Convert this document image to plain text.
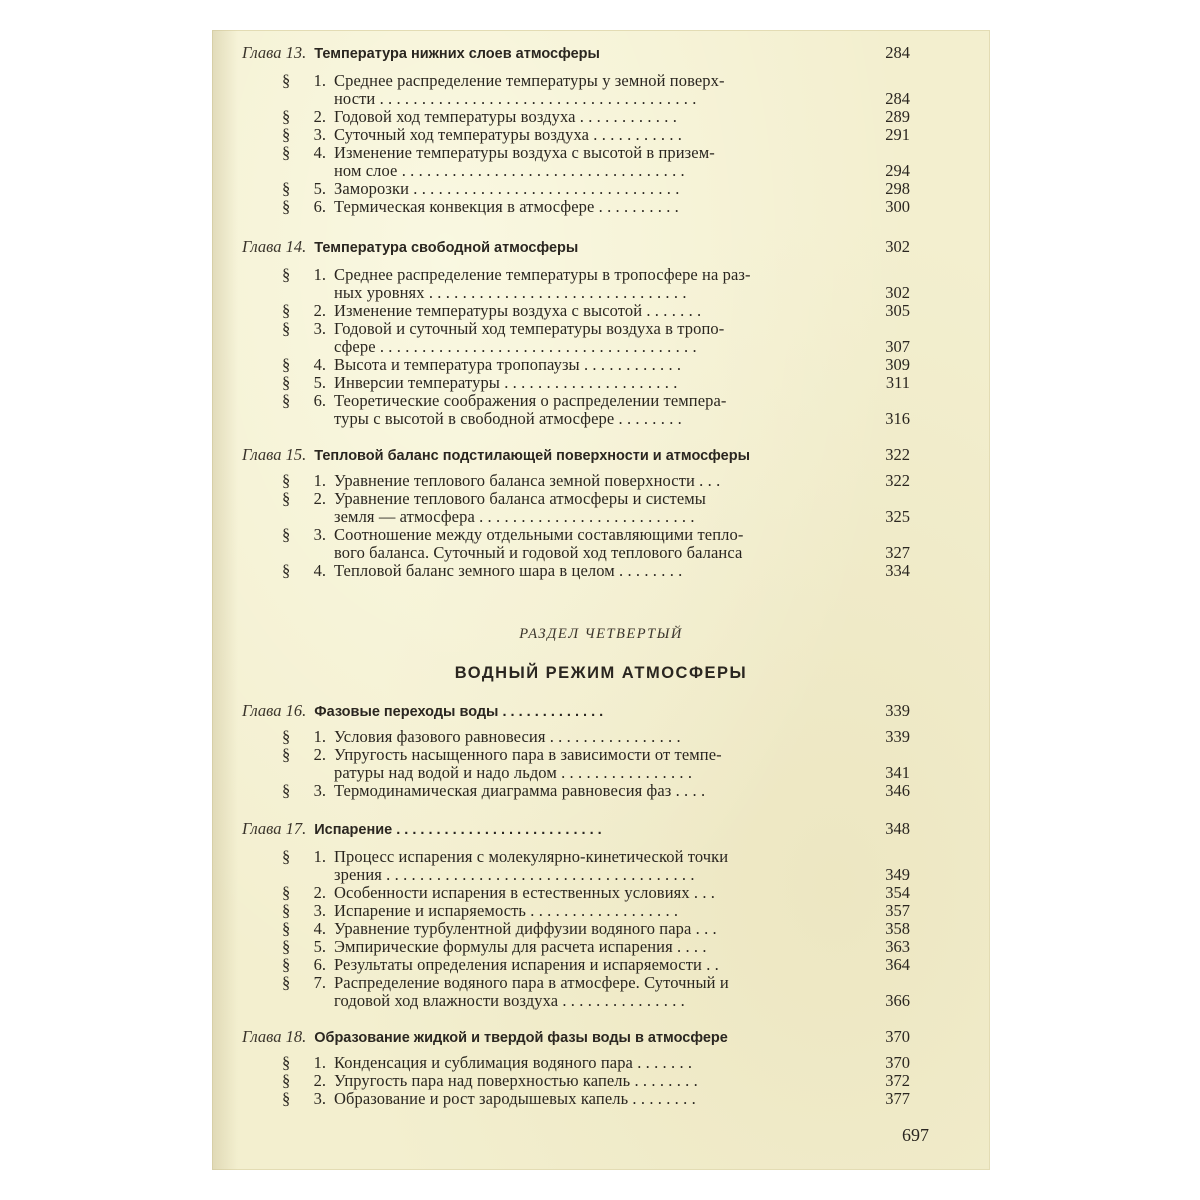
Глава 13. Температура нижних слоев атмосферы	284
§	1. Среднее распределение температуры у земной поверх-
ности . . . . . . . . . . . . . . . . . . . . . . . . . . . . . . . . . . . . . .	284
§	2. Годовой ход температуры воздуха . . . . . . . . . . . .	289
§	3. Суточный ход температуры воздуха . . . . . . . . . . .	291
§	4. Изменение температуры воздуха с высотой в призем-
ном слое . . . . . . . . . . . . . . . . . . . . . . . . . . . . . . . . . .	294
§	5. Заморозки . . . . . . . . . . . . . . . . . . . . . . . . . . . . . . . .	298
§	6. Термическая конвекция в атмосфере . . . . . . . . . .	300
Глава 14. Температура свободной атмосферы	302
§	1. Среднее распределение температуры в тропосфере на раз-
ных уровнях . . . . . . . . . . . . . . . . . . . . . . . . . . . . . . .	302
§	2. Изменение температуры воздуха с высотой . . . . . . .	305
§	3. Годовой и суточный ход температуры воздуха в тропо-
сфере . . . . . . . . . . . . . . . . . . . . . . . . . . . . . . . . . . . . . .	307
§	4. Высота и температура тропопаузы . . . . . . . . . . . .	309
§	5. Инверсии температуры . . . . . . . . . . . . . . . . . . . . .	311
§	6. Теоретические соображения о распределении темпера-
туры с высотой в свободной атмосфере . . . . . . . .	316
Глава 15. Тепловой баланс подстилающей поверхности и атмосферы	322
§	1. Уравнение теплового баланса земной поверхности . . .	322
§	2. Уравнение теплового баланса атмосферы и системы
земля — атмосфера . . . . . . . . . . . . . . . . . . . . . . . . . .	325
§	3. Соотношение между отдельными составляющими тепло-
вого баланса. Суточный и годовой ход теплового баланса	327
§	4. Тепловой баланс земного шара в целом . . . . . . . .	334
РАЗДЕЛ ЧЕТВЕРТЫЙ
ВОДНЫЙ РЕЖИМ АТМОСФЕРЫ
Глава 16. Фазовые переходы воды . . . . . . . . . . . . .	339
§	1. Условия фазового равновесия . . . . . . . . . . . . . . . .	339
§	2. Упругость насыщенного пара в зависимости от темпе-
ратуры над водой и надо льдом . . . . . . . . . . . . . . . .	341
§	3. Термодинамическая диаграмма равновесия фаз . . . .	346
Глава 17. Испарение . . . . . . . . . . . . . . . . . . . . . . . . . .	348
§	1. Процесс испарения с молекулярно-кинетической точки
зрения . . . . . . . . . . . . . . . . . . . . . . . . . . . . . . . . . . . . .	349
§	2. Особенности испарения в естественных условиях . . .	354
§	3. Испарение и испаряемость . . . . . . . . . . . . . . . . . .	357
§	4. Уравнение турбулентной диффузии водяного пара . . .	358
§	5. Эмпирические формулы для расчета испарения . . . .	363
§	6. Результаты определения испарения и испаряемости . .	364
§	7. Распределение водяного пара в атмосфере. Суточный и
годовой ход влажности воздуха . . . . . . . . . . . . . . .	366
Глава 18. Образование жидкой и твердой фазы воды в атмосфере	370
§	1. Конденсация и сублимация водяного пара . . . . . . .	370
§	2. Упругость пара над поверхностью капель . . . . . . . .	372
§	3. Образование и рост зародышевых капель . . . . . . . .	377
697
